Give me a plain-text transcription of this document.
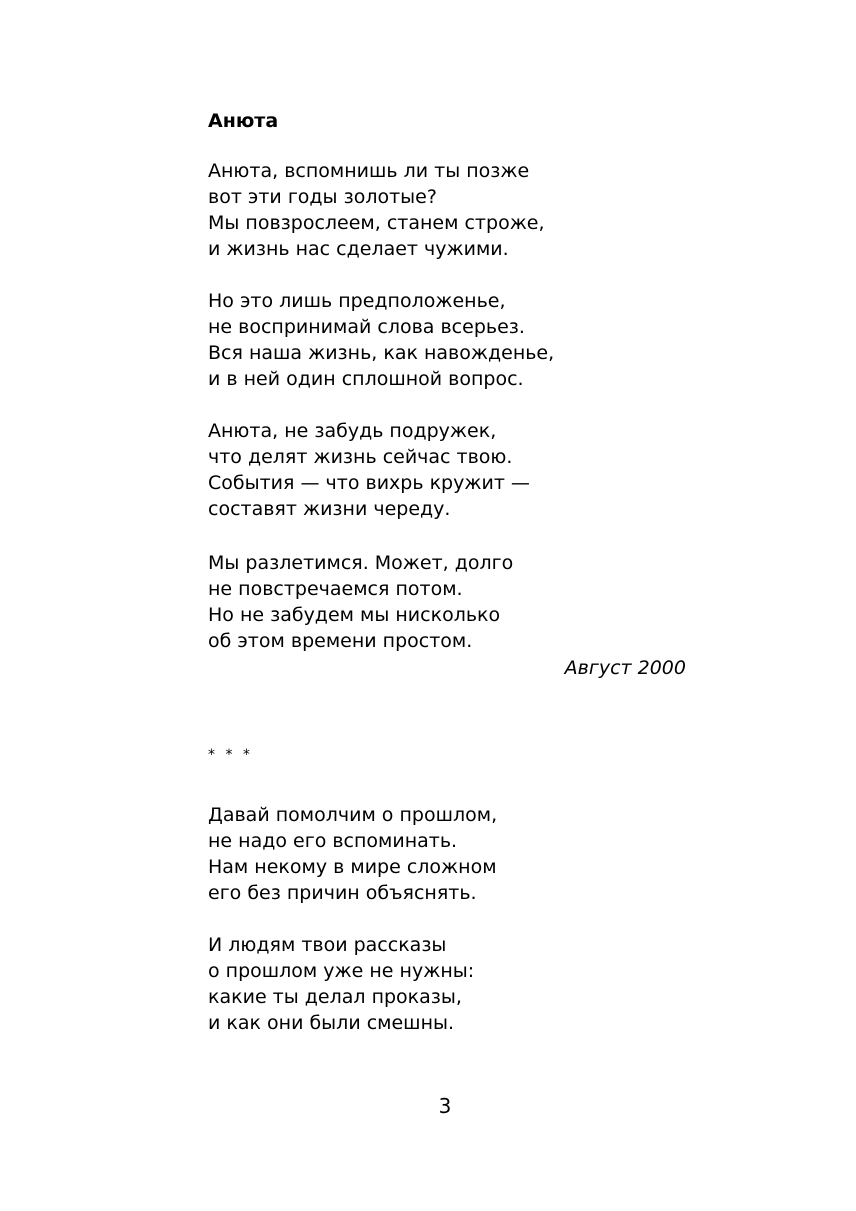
Анюта
Анюта, вспомнишь ли ты позже
вот эти годы золотые?
Мы повзрослеем, станем строже,
и жизнь нас сделает чужими.
Но это лишь предположенье,
не воспринимай слова всерьез.
Вся наша жизнь, как навожденье,
и в ней один сплошной вопрос.
Анюта, не забудь подружек,
что делят жизнь сейчас твою.
События — что вихрь кружит —
составят жизни череду.
Мы разлетимся. Может, долго
не повстречаемся потом.
Но не забудем мы нисколько
об этом времени простом.

Август 2000

* * *

Давай помолчим о прошлом,
не надо его вспоминать.
Нам некому в мире сложном
его без причин объяснять.
И людям твои рассказы
о прошлом уже не нужны:
какие ты делал проказы,
и как они были смешны.

3
